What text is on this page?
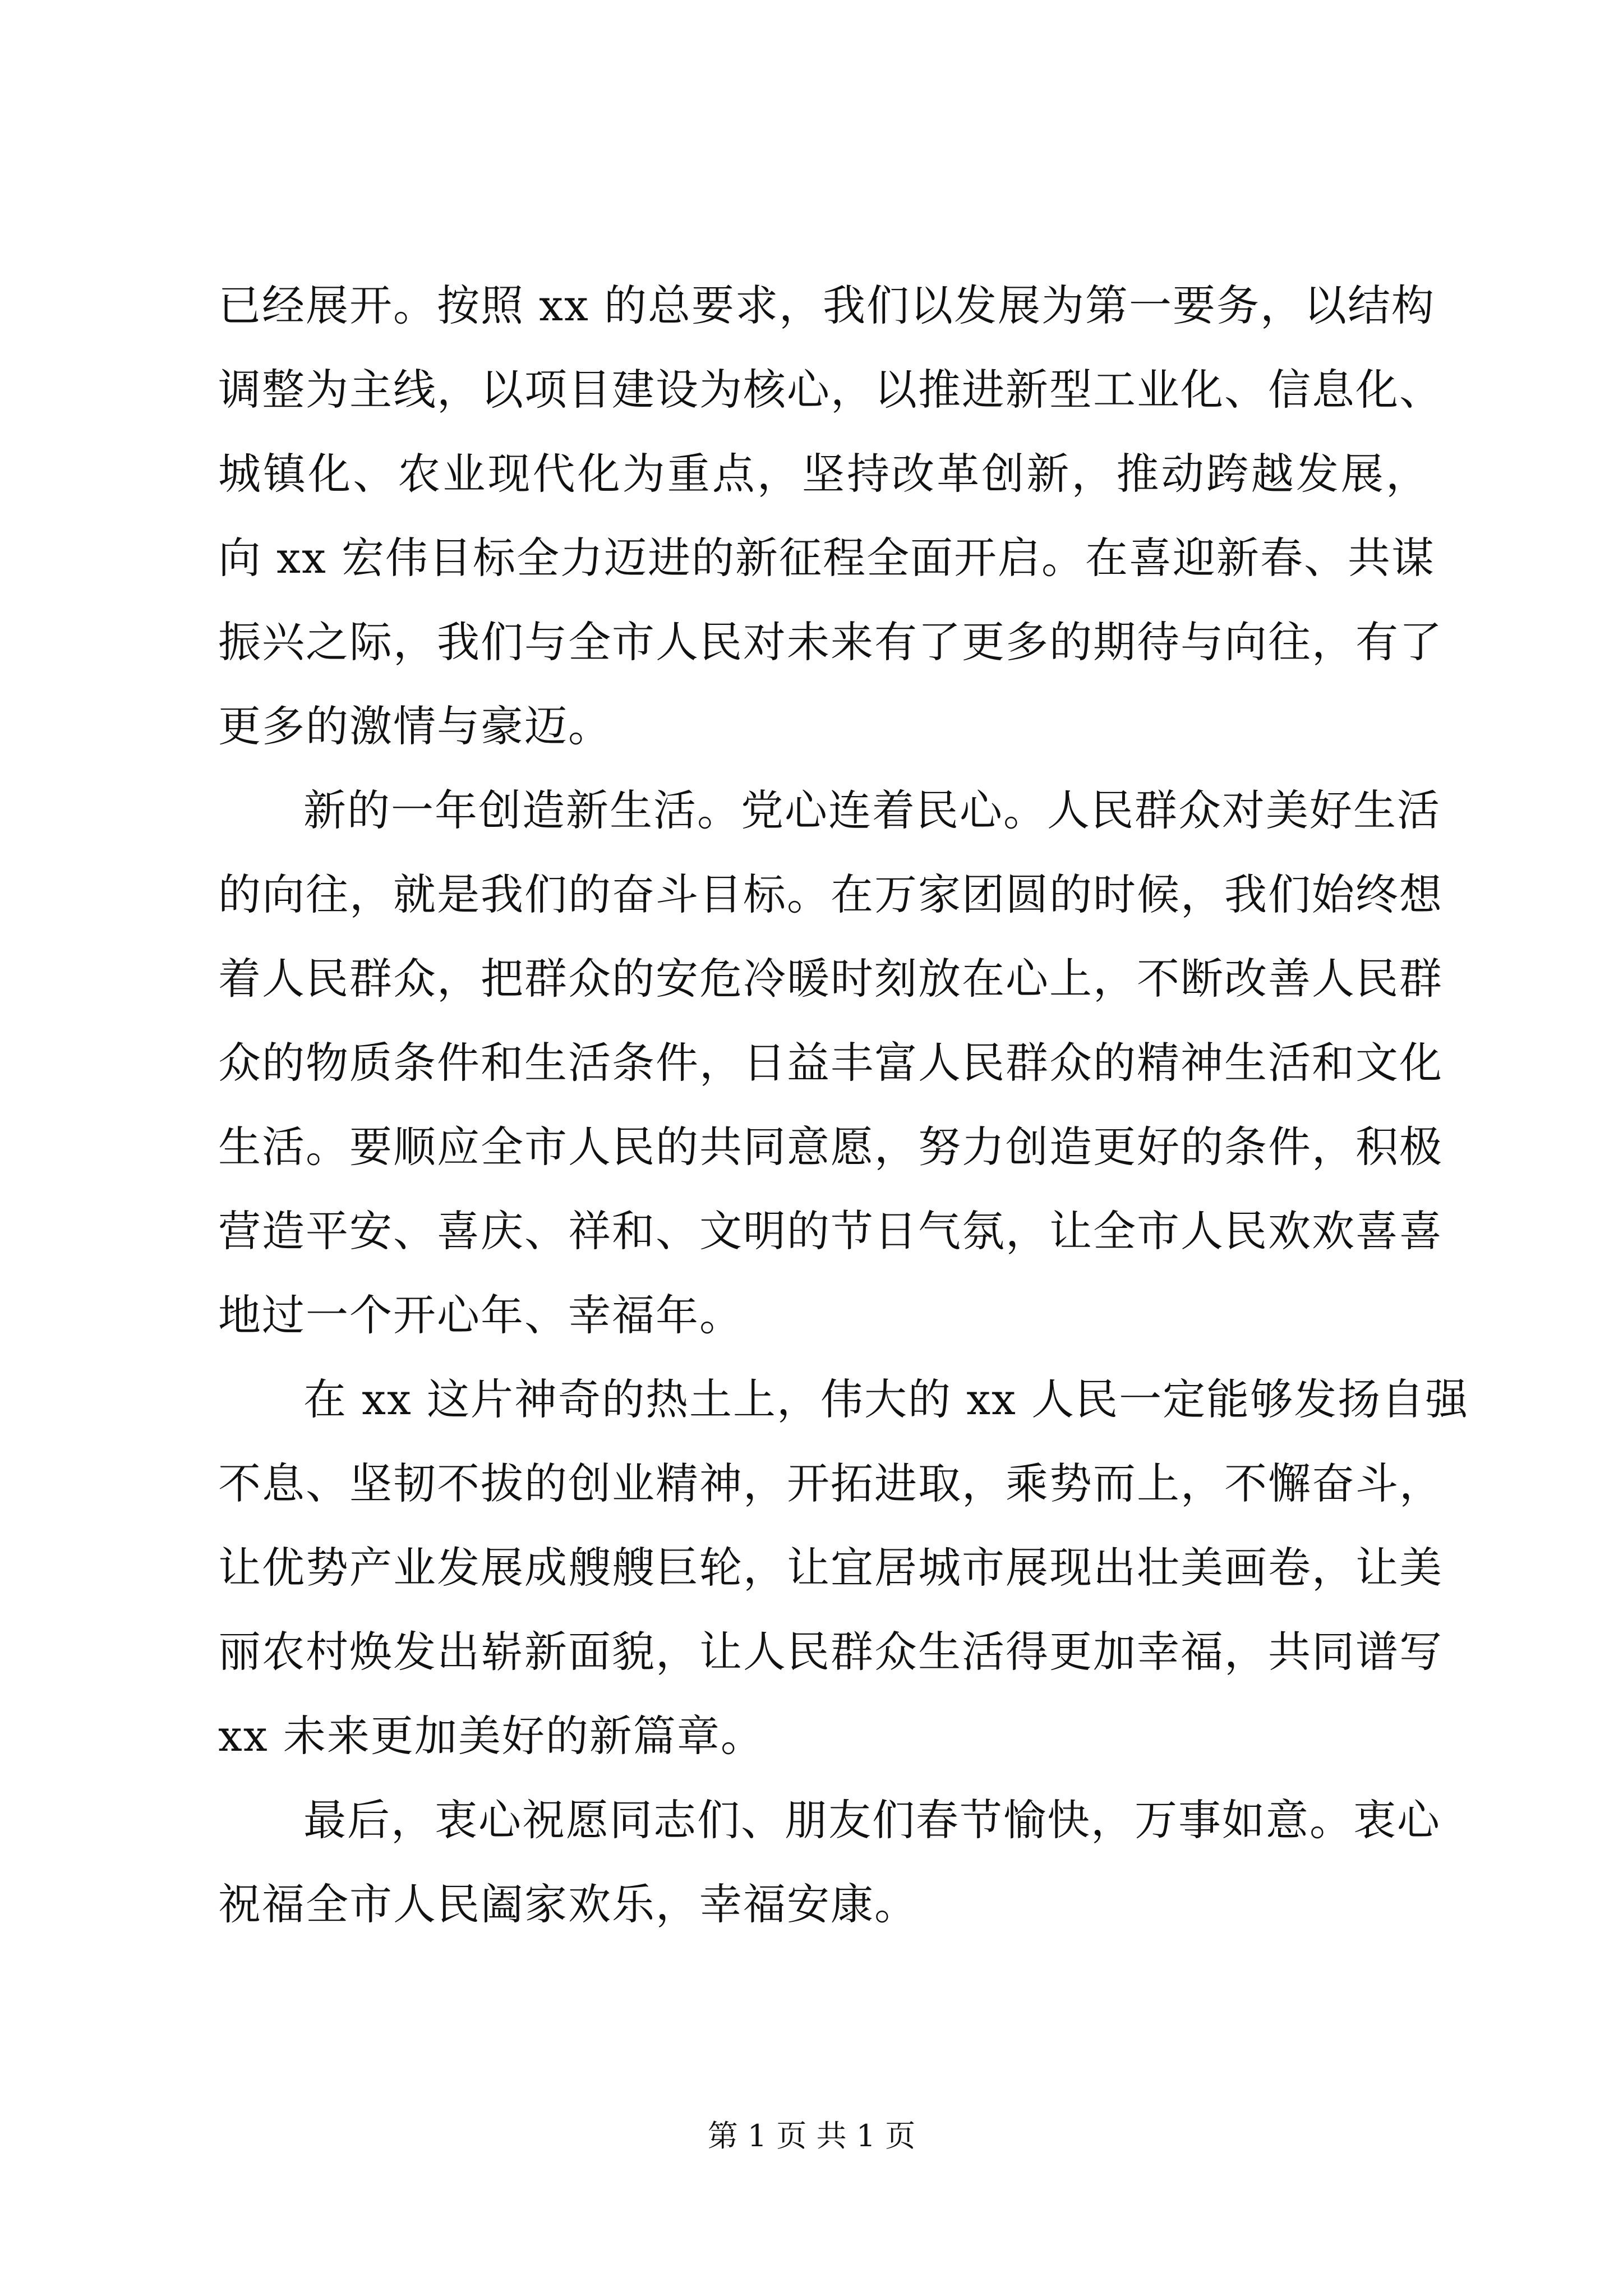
已经展开。按照 xx 的总要求，我们以发展为第一要务，以结构
调整为主线，以项目建设为核心，以推进新型工业化、信息化、
城镇化、农业现代化为重点，坚持改革创新，推动跨越发展，
向 xx 宏伟目标全力迈进的新征程全面开启。在喜迎新春、共谋
振兴之际，我们与全市人民对未来有了更多的期待与向往，有了
更多的激情与豪迈。
新的一年创造新生活。党心连着民心。人民群众对美好生活
的向往，就是我们的奋斗目标。在万家团圆的时候，我们始终想
着人民群众，把群众的安危冷暖时刻放在心上，不断改善人民群
众的物质条件和生活条件，日益丰富人民群众的精神生活和文化
生活。要顺应全市人民的共同意愿，努力创造更好的条件，积极
营造平安、喜庆、祥和、文明的节日气氛，让全市人民欢欢喜喜
地过一个开心年、幸福年。
在 xx 这片神奇的热土上，伟大的 xx 人民一定能够发扬自强
不息、坚韧不拔的创业精神，开拓进取，乘势而上，不懈奋斗，
让优势产业发展成艘艘巨轮，让宜居城市展现出壮美画卷，让美
丽农村焕发出崭新面貌，让人民群众生活得更加幸福，共同谱写
xx 未来更加美好的新篇章。
最后，衷心祝愿同志们、朋友们春节愉快，万事如意。衷心
祝福全市人民阖家欢乐，幸福安康。
第 1 页 共 1 页
